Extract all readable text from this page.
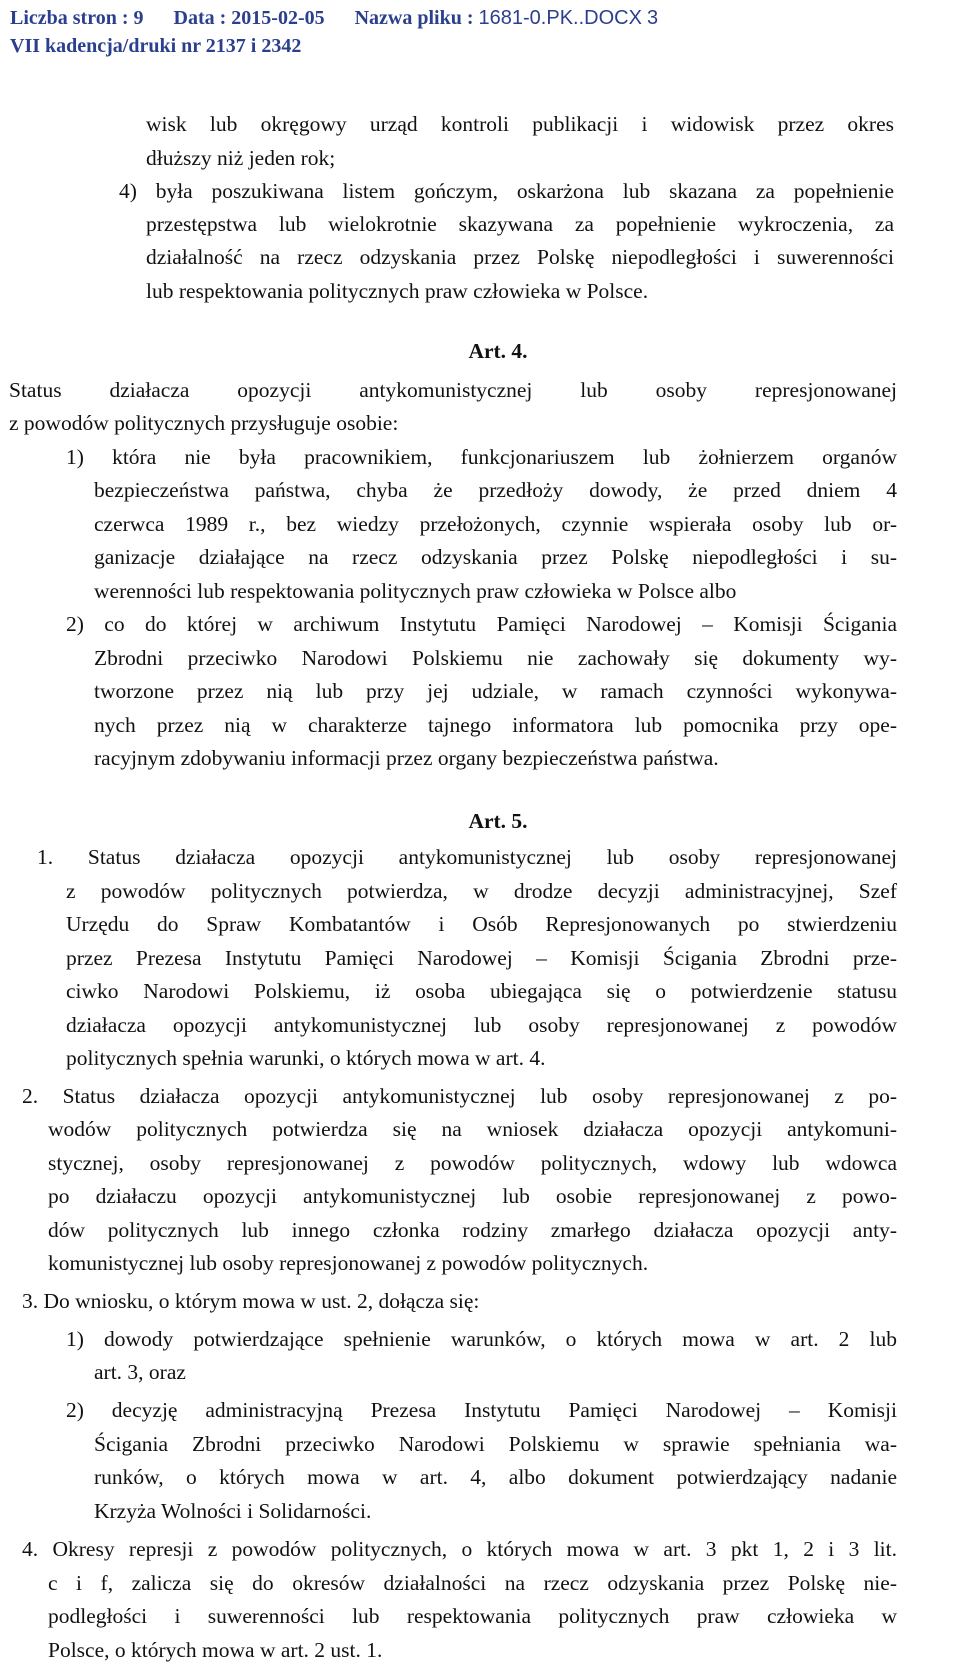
Liczba stron : 9 Data : 2015-02-05 Nazwa pliku : 1681-0.PK..DOCX 3
VII kadencja/druki nr 2137 i 2342
wisk lub okręgowy urząd kontroli publikacji i widowisk przez okres
dłuższy niż jeden rok;
4) była poszukiwana listem gończym, oskarżona lub skazana za popełnienie
przestępstwa lub wielokrotnie skazywana za popełnienie wykroczenia, za
działalność na rzecz odzyskania przez Polskę niepodległości i suwerenności
lub respektowania politycznych praw człowieka w Polsce.
Art. 4.
Status działacza opozycji antykomunistycznej lub osoby represjonowanej
z powodów politycznych przysługuje osobie:
1) która nie była pracownikiem, funkcjonariuszem lub żołnierzem organów
bezpieczeństwa państwa, chyba że przedłoży dowody, że przed dniem 4
czerwca 1989 r., bez wiedzy przełożonych, czynnie wspierała osoby lub or-
ganizacje działające na rzecz odzyskania przez Polskę niepodległości i su-
werenności lub respektowania politycznych praw człowieka w Polsce albo
2) co do której w archiwum Instytutu Pamięci Narodowej – Komisji Ścigania
Zbrodni przeciwko Narodowi Polskiemu nie zachowały się dokumenty wy-
tworzone przez nią lub przy jej udziale, w ramach czynności wykonywa-
nych przez nią w charakterze tajnego informatora lub pomocnika przy ope-
racyjnym zdobywaniu informacji przez organy bezpieczeństwa państwa.
Art. 5.
1. Status działacza opozycji antykomunistycznej lub osoby represjonowanej
z powodów politycznych potwierdza, w drodze decyzji administracyjnej, Szef
Urzędu do Spraw Kombatantów i Osób Represjonowanych po stwierdzeniu
przez Prezesa Instytutu Pamięci Narodowej – Komisji Ścigania Zbrodni prze-
ciwko Narodowi Polskiemu, iż osoba ubiegająca się o potwierdzenie statusu
działacza opozycji antykomunistycznej lub osoby represjonowanej z powodów
politycznych spełnia warunki, o których mowa w art. 4.
2. Status działacza opozycji antykomunistycznej lub osoby represjonowanej z po-
wodów politycznych potwierdza się na wniosek działacza opozycji antykomuni-
stycznej, osoby represjonowanej z powodów politycznych, wdowy lub wdowca
po działaczu opozycji antykomunistycznej lub osobie represjonowanej z powo-
dów politycznych lub innego członka rodziny zmarłego działacza opozycji anty-
komunistycznej lub osoby represjonowanej z powodów politycznych.
3. Do wniosku, o którym mowa w ust. 2, dołącza się:
1) dowody potwierdzające spełnienie warunków, o których mowa w art. 2 lub
art. 3, oraz
2) decyzję administracyjną Prezesa Instytutu Pamięci Narodowej – Komisji
Ścigania Zbrodni przeciwko Narodowi Polskiemu w sprawie spełniania wa-
runków, o których mowa w art. 4, albo dokument potwierdzający nadanie
Krzyża Wolności i Solidarności.
4. Okresy represji z powodów politycznych, o których mowa w art. 3 pkt 1, 2 i 3 lit.
c i f, zalicza się do okresów działalności na rzecz odzyskania przez Polskę nie-
podległości i suwerenności lub respektowania politycznych praw człowieka w
Polsce, o których mowa w art. 2 ust. 1.
